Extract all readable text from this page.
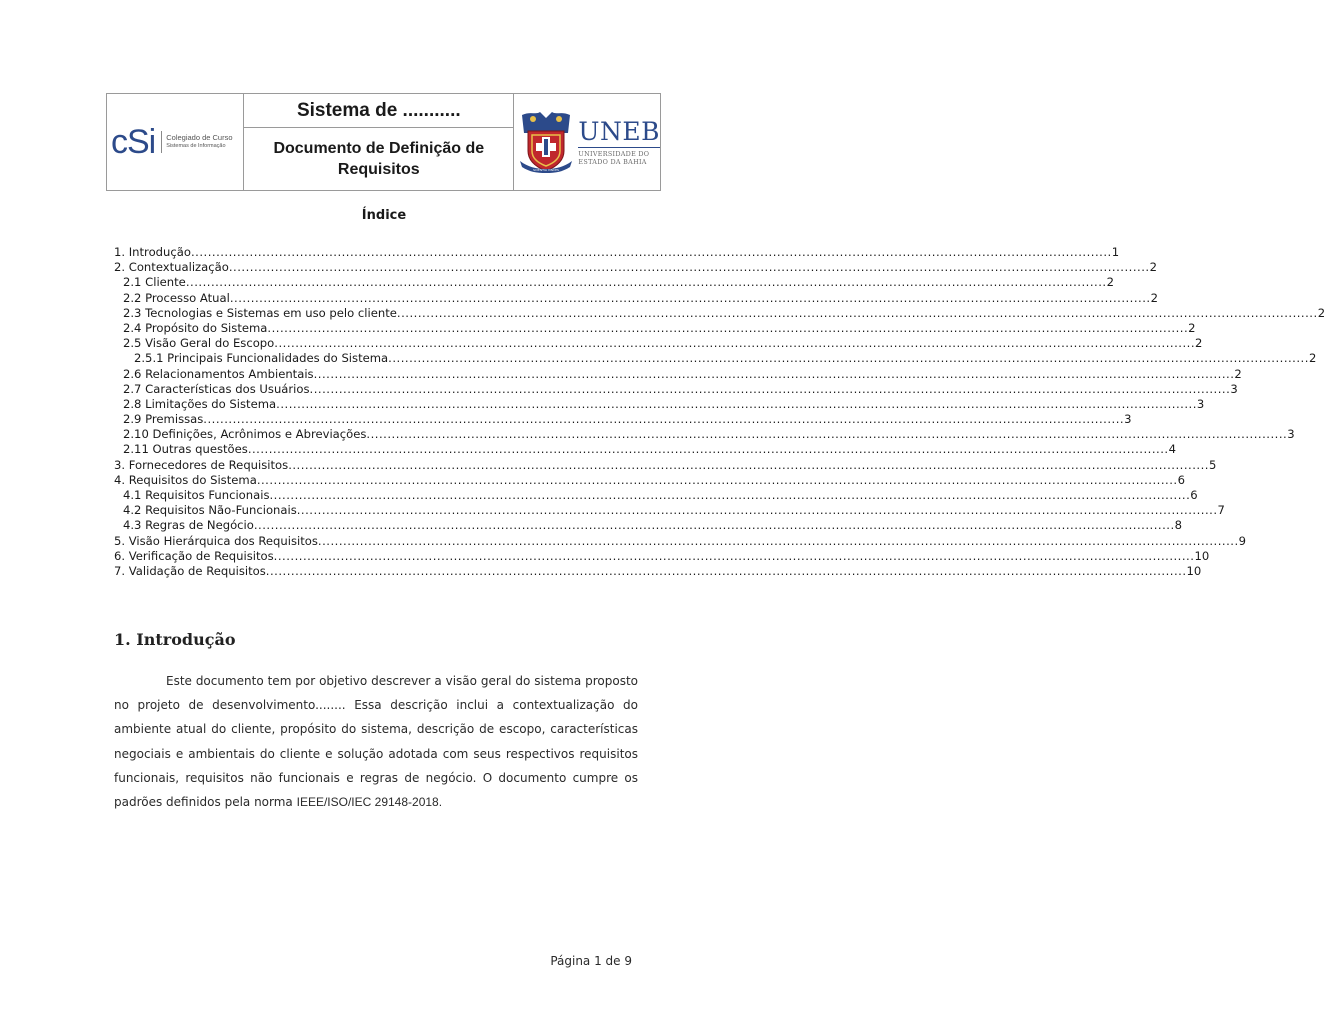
cSi Colegiado de Curso
Sistemas de Informação
Sistema de ...........
Documento de Definição de Requisitos	SCIENTIA VINCES
UNEB
UNIVERSIDADE DO
ESTADO DA BAHIA
Índice
1. Introdução ............................................................................................................................................................................................................................ 1
2. Contextualização ............................................................................................................................................................................................................................ 2
2.1 Cliente ............................................................................................................................................................................................................................ 2
2.2 Processo Atual ............................................................................................................................................................................................................................ 2
2.3 Tecnologias e Sistemas em uso pelo cliente ............................................................................................................................................................................................................................ 2
2.4 Propósito do Sistema ............................................................................................................................................................................................................................ 2
2.5 Visão Geral do Escopo ............................................................................................................................................................................................................................ 2
2.5.1 Principais Funcionalidades do Sistema ............................................................................................................................................................................................................................ 2
2.6 Relacionamentos Ambientais ............................................................................................................................................................................................................................ 2
2.7 Características dos Usuários ............................................................................................................................................................................................................................ 3
2.8 Limitações do Sistema ............................................................................................................................................................................................................................ 3
2.9 Premissas ............................................................................................................................................................................................................................ 3
2.10 Definições, Acrônimos e Abreviações ............................................................................................................................................................................................................................ 3
2.11 Outras questões ............................................................................................................................................................................................................................ 4
3. Fornecedores de Requisitos ............................................................................................................................................................................................................................ 5
4. Requisitos do Sistema ............................................................................................................................................................................................................................ 6
4.1 Requisitos Funcionais ............................................................................................................................................................................................................................ 6
4.2 Requisitos Não-Funcionais ............................................................................................................................................................................................................................ 7
4.3 Regras de Negócio ............................................................................................................................................................................................................................ 8
5. Visão Hierárquica dos Requisitos ............................................................................................................................................................................................................................ 9
6. Verificação de Requisitos ............................................................................................................................................................................................................................ 10
7. Validação de Requisitos ............................................................................................................................................................................................................................ 10
1. Introdução
Este documento tem por objetivo descrever a visão geral do sistema proposto no projeto de desenvolvimento........ Essa descrição inclui a contextualização do ambiente atual do cliente, propósito do sistema, descrição de escopo, características negociais e ambientais do cliente e solução adotada com seus respectivos requisitos funcionais, requisitos não funcionais e regras de negócio. O documento cumpre os padrões definidos pela norma IEEE/ISO/IEC 29148-2018.
Página 1 de 9
